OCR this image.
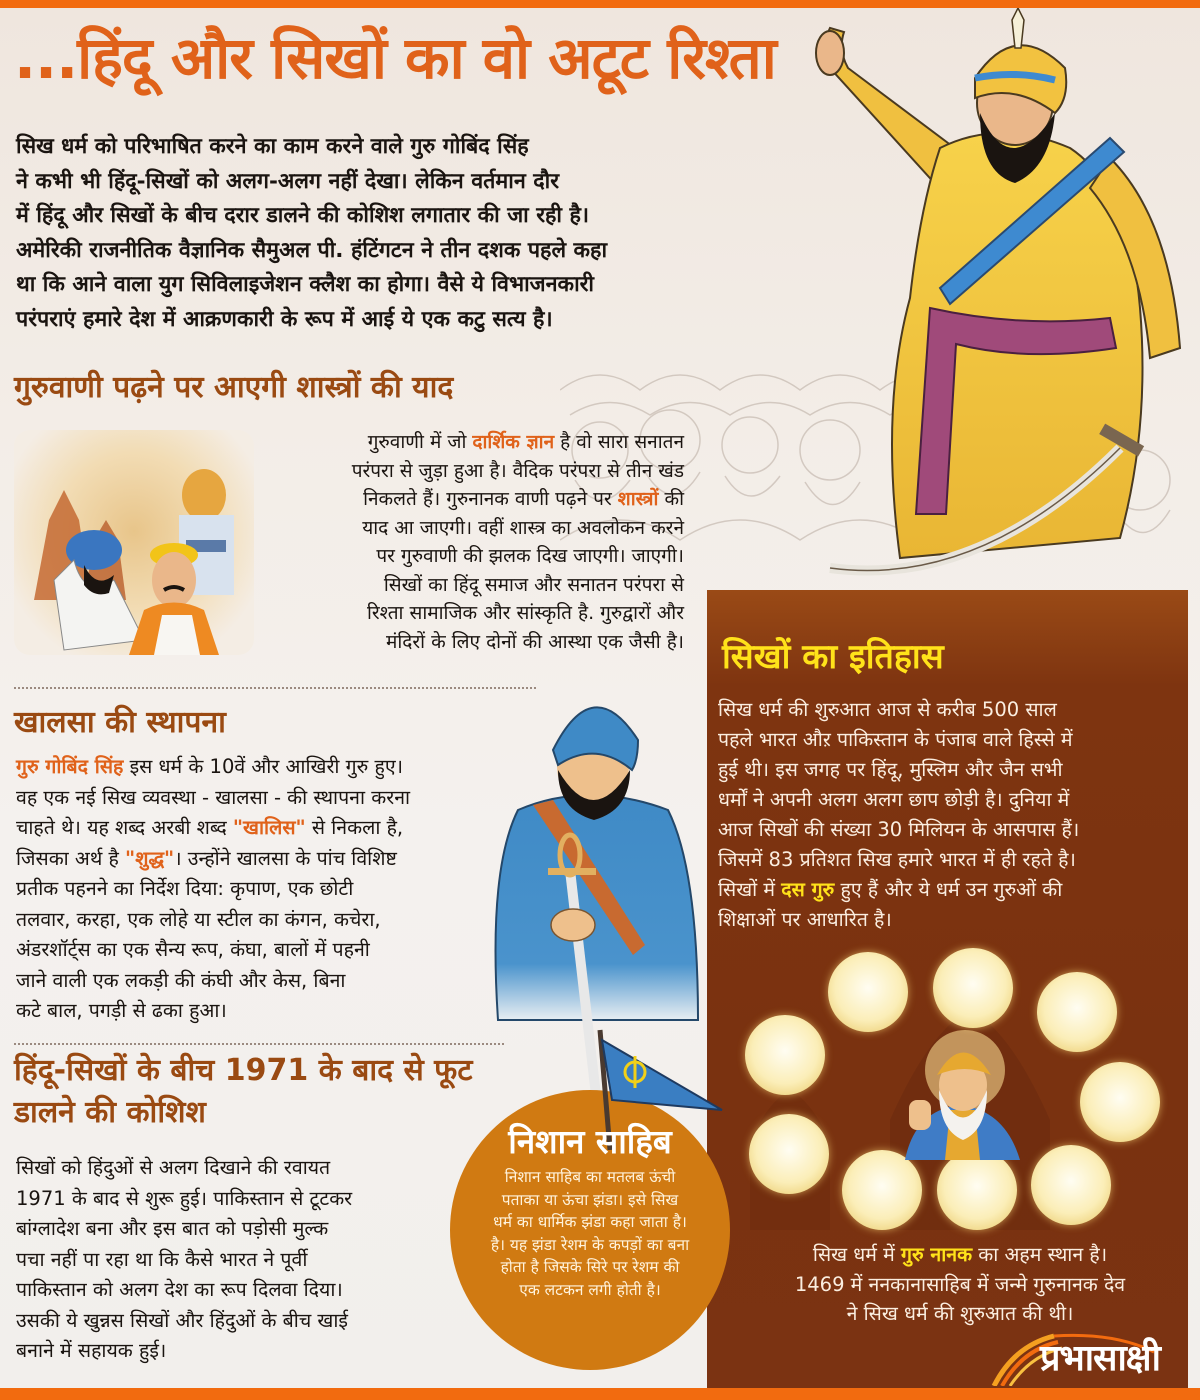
...हिंदू और सिखों का वो अटूट रिश्ता

सिख धर्म को परिभाषित करने का काम करने वाले गुरु गोबिंद सिंह

ने कभी भी हिंदू-सिखों को अलग-अलग नहीं देखा। लेकिन वर्तमान दौर

में हिंदू और सिखों के बीच दरार डालने की कोशिश लगातार की जा रही है।

अमेरिकी राजनीतिक वैज्ञानिक सैमुअल पी. हंटिंगटन ने तीन दशक पहले कहा

था कि आने वाला युग सिविलाइजेशन क्लैश का होगा। वैसे ये विभाजनकारी

परंपराएं हमारे देश में आक्रणकारी के रूप में आई ये एक कटु सत्य है।

गुरुवाणी पढ़ने पर आएगी शास्त्रों की याद

गुरुवाणी में जो दार्शिक ज्ञान है वो सारा सनातन

परंपरा से जुड़ा हुआ है। वैदिक परंपरा से तीन खंड

निकलते हैं। गुरुनानक वाणी पढ़ने पर शास्त्रों की

याद आ जाएगी। वहीं शास्त्र का अवलोकन करने

पर गुरुवाणी की झलक दिख जाएगी। जाएगी।

सिखों का हिंदू समाज और सनातन परंपरा से

रिश्ता सामाजिक और सांस्कृति है. गुरुद्वारों और

मंदिरों के लिए दोनों की आस्था एक जैसी है।

खालसा की स्थापना

गुरु गोबिंद सिंह इस धर्म के 10वें और आखिरी गुरु हुए।

वह एक नई सिख व्यवस्था - खालसा - की स्थापना करना

चाहते थे। यह शब्द अरबी शब्द "खालिस" से निकला है,

जिसका अर्थ है "शुद्ध"। उन्होंने खालसा के पांच विशिष्ट

प्रतीक पहनने का निर्देश दिया: कृपाण, एक छोटी

तलवार, करहा, एक लोहे या स्टील का कंगन, कचेरा,

अंडरशॉर्ट्स का एक सैन्य रूप, कंघा, बालों में पहनी

जाने वाली एक लकड़ी की कंघी और केस, बिना

कटे बाल, पगड़ी से ढका हुआ।

हिंदू-सिखों के बीच 1971 के बाद से फूट डालने की कोशिश

सिखों को हिंदुओं से अलग दिखाने की रवायत

1971 के बाद से शुरू हुई। पाकिस्तान से टूटकर

बांग्लादेश बना और इस बात को पड़ोसी मुल्क

पचा नहीं पा रहा था कि कैसे भारत ने पूर्वी

पाकिस्तान को अलग देश का रूप दिलवा दिया।

उसकी ये खुन्नस सिखों और हिंदुओं के बीच खाई

बनाने में सहायक हुई।

निशान साहिब

निशान साहिब का मतलब ऊंची

पताका या ऊंचा झंडा। इसे सिख

धर्म का धार्मिक झंडा कहा जाता है।

है। यह झंडा रेशम के कपड़ों का बना

होता है जिसके सिरे पर रेशम की

एक लटकन लगी होती है।

सिखों का इतिहास

सिख धर्म की शुरुआत आज से करीब 500 साल

पहले भारत औऱ पाकिस्तान के पंजाब वाले हिस्से में

हुई थी। इस जगह पर हिंदू, मुस्लिम और जैन सभी

धर्मों ने अपनी अलग अलग छाप छोड़ी है। दुनिया में

आज सिखों की संख्या 30 मिलियन के आसपास हैं।

जिसमें 83 प्रतिशत सिख हमारे भारत में ही रहते है।

सिखों में दस गुरु हुए हैं और ये धर्म उन गुरुओं की

शिक्षाओं पर आधारित है।

सिख धर्म में गुरु नानक का अहम स्थान है।

1469 में ननकानासाहिब में जन्मे गुरुनानक देव

ने सिख धर्म की शुरुआत की थी।

प्रभासाक्षी
